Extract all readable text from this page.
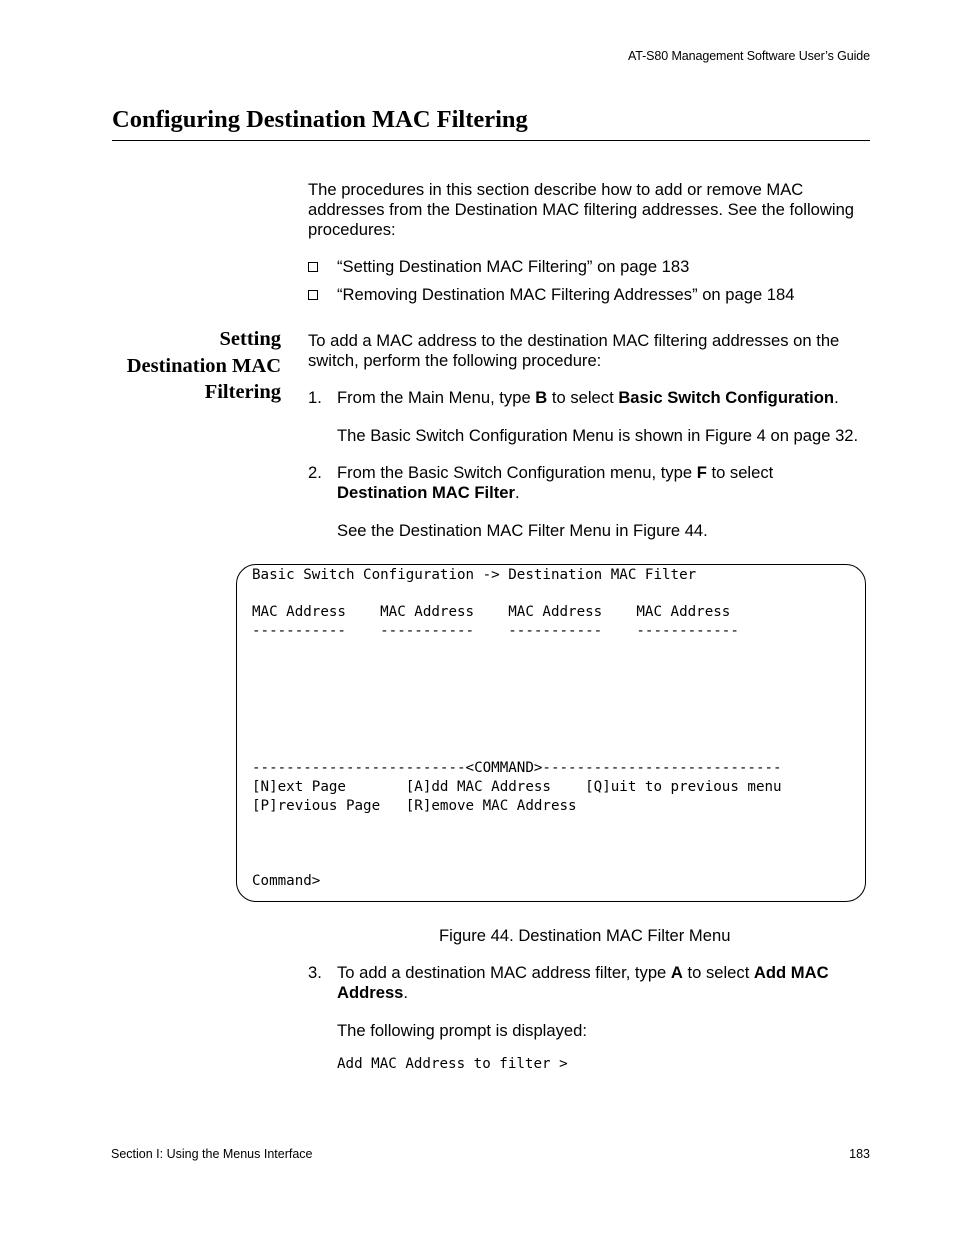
AT-S80 Management Software User’s Guide
Configuring Destination MAC Filtering
The procedures in this section describe how to add or remove MAC
addresses from the Destination MAC filtering addresses. See the following
procedures:
“Setting Destination MAC Filtering” on page 183
“Removing Destination MAC Filtering Addresses” on page 184
Setting
Destination MAC
Filtering
To add a MAC address to the destination MAC filtering addresses on the
switch, perform the following procedure:
1. From the Main Menu, type B to select Basic Switch Configuration.
The Basic Switch Configuration Menu is shown in Figure 4 on page 32.
2. From the Basic Switch Configuration menu, type F to select
Destination MAC Filter.
See the Destination MAC Filter Menu in Figure 44.
Basic Switch Configuration -> Destination MAC Filter
MAC Address    MAC Address    MAC Address    MAC Address
-----------    -----------    -----------    ------------
-------------------------<COMMAND>----------------------------
[N]ext Page       [A]dd MAC Address    [Q]uit to previous menu
[P]revious Page   [R]emove MAC Address
Command>
Figure 44. Destination MAC Filter Menu
3. To add a destination MAC address filter, type A to select Add MAC
Address.
The following prompt is displayed:
Add MAC Address to filter >
Section I: Using the Menus Interface	183
